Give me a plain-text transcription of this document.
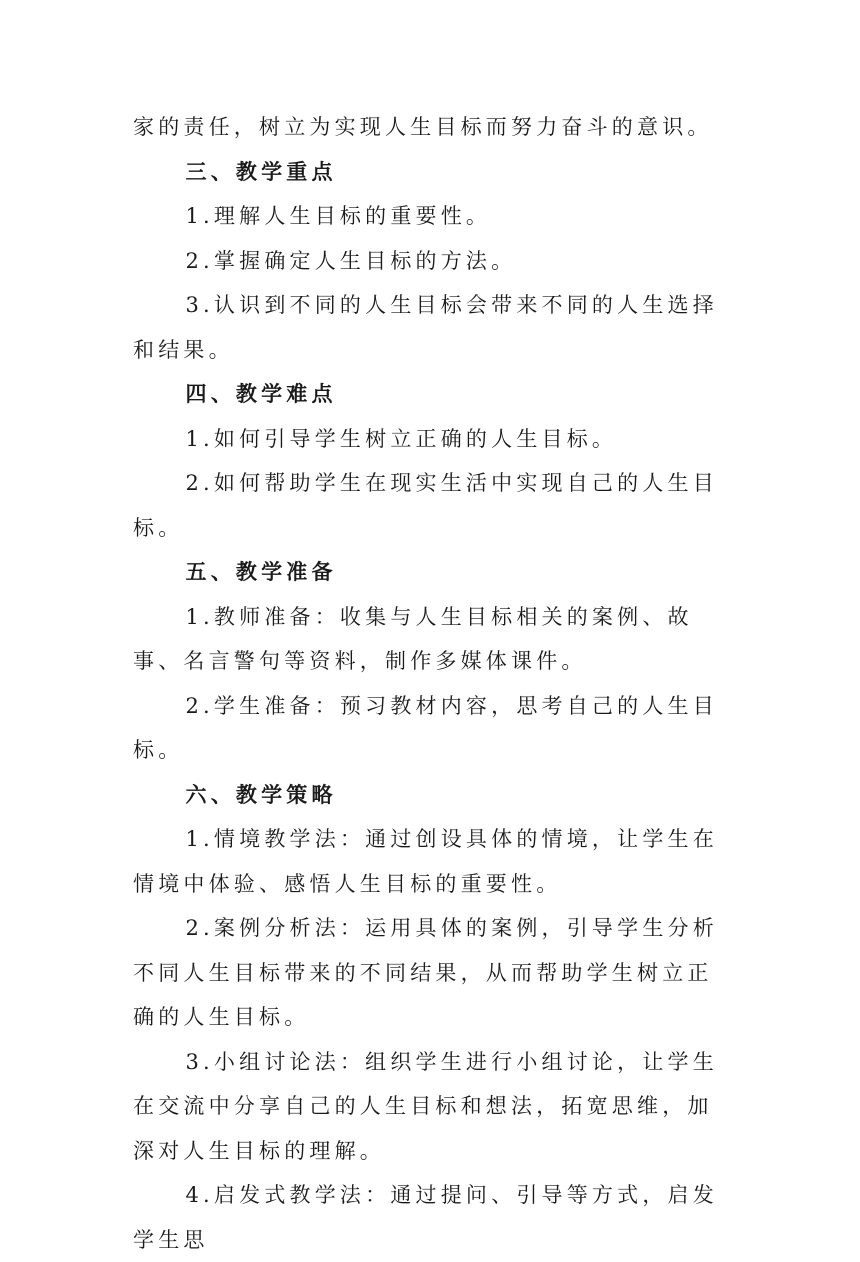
家的责任，树立为实现人生目标而努力奋斗的意识。

三、教学重点

1.理解人生目标的重要性。

2.掌握确定人生目标的方法。

3.认识到不同的人生目标会带来不同的人生选择和结果。

四、教学难点

1.如何引导学生树立正确的人生目标。

2.如何帮助学生在现实生活中实现自己的人生目标。

五、教学准备

1.教师准备：收集与人生目标相关的案例、故事、名言警句等资料，制作多媒体课件。

2.学生准备：预习教材内容，思考自己的人生目标。

六、教学策略

1.情境教学法：通过创设具体的情境，让学生在情境中体验、感悟人生目标的重要性。

2.案例分析法：运用具体的案例，引导学生分析不同人生目标带来的不同结果，从而帮助学生树立正确的人生目标。

3.小组讨论法：组织学生进行小组讨论，让学生在交流中分享自己的人生目标和想法，拓宽思维，加深对人生目标的理解。

4.启发式教学法：通过提问、引导等方式，启发学生思
